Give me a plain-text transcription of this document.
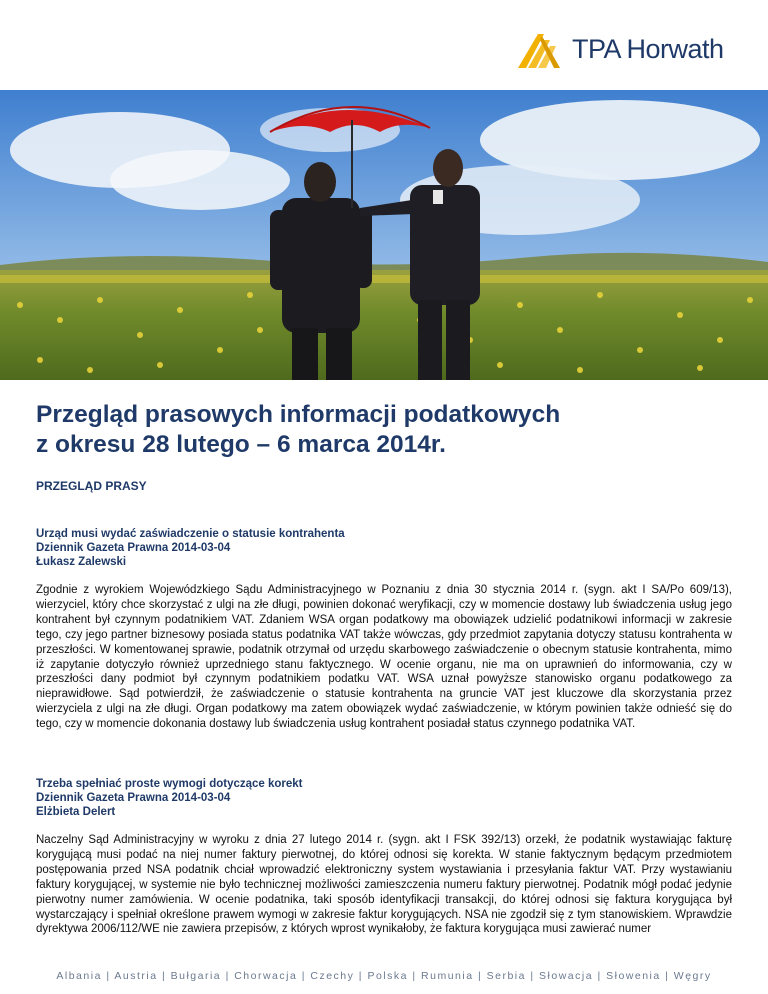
TPA Horwath
Przegląd prasowych informacji podatkowych
z okresu 28 lutego – 6 marca 2014r.
PRZEGLĄD PRASY
Urząd musi wydać zaświadczenie o statusie kontrahenta
Dziennik Gazeta Prawna 2014-03-04
Łukasz Zalewski
Zgodnie z wyrokiem Wojewódzkiego Sądu Administracyjnego w Poznaniu z dnia 30 stycznia 2014 r. (sygn. akt I SA/Po 609/13), wierzyciel, który chce skorzystać z ulgi na złe długi, powinien dokonać weryfikacji, czy w momencie dostawy lub świadczenia usług jego kontrahent był czynnym podatnikiem VAT. Zdaniem WSA organ podatkowy ma obowiązek udzielić podatnikowi informacji w zakresie tego, czy jego partner biznesowy posiada status podatnika VAT także wówczas, gdy przedmiot zapytania dotyczy statusu kontrahenta w przeszłości. W komentowanej sprawie, podatnik otrzymał od urzędu skarbowego zaświadczenie o obecnym statusie kontrahenta, mimo iż zapytanie dotyczyło również uprzedniego stanu faktycznego. W ocenie organu, nie ma on uprawnień do informowania, czy w przeszłości dany podmiot był czynnym podatnikiem podatku VAT. WSA uznał powyższe stanowisko organu podatkowego za nieprawidłowe. Sąd potwierdził, że zaświadczenie o statusie kontrahenta na gruncie VAT jest kluczowe dla skorzystania przez wierzyciela z ulgi na złe długi. Organ podatkowy ma zatem obowiązek wydać zaświadczenie, w którym powinien także odnieść się do tego, czy w momencie dokonania dostawy lub świadczenia usług kontrahent posiadał status czynnego podatnika VAT.
Trzeba spełniać proste wymogi dotyczące korekt
Dziennik Gazeta Prawna 2014-03-04
Elżbieta Delert
Naczelny Sąd Administracyjny w wyroku z dnia 27 lutego 2014 r. (sygn. akt I FSK 392/13) orzekł, że podatnik wystawiając fakturę korygującą musi podać na niej numer faktury pierwotnej, do której odnosi się korekta. W stanie faktycznym będącym przedmiotem postępowania przed NSA podatnik chciał wprowadzić elektroniczny system wystawiania i przesyłania faktur VAT. Przy wystawianiu faktury korygującej, w systemie nie było technicznej możliwości zamieszczenia numeru faktury pierwotnej. Podatnik mógł podać jedynie pierwotny numer zamówienia. W ocenie podatnika, taki sposób identyfikacji transakcji, do której odnosi się faktura korygująca był wystarczający i spełniał określone prawem wymogi w zakresie faktur korygujących. NSA nie zgodził się z tym stanowiskiem. Wprawdzie dyrektywa 2006/112/WE nie zawiera przepisów, z których wprost wynikałoby, że faktura korygująca musi zawierać numer
Albania | Austria | Bułgaria | Chorwacja | Czechy | Polska | Rumunia | Serbia | Słowacja | Słowenia | Węgry
